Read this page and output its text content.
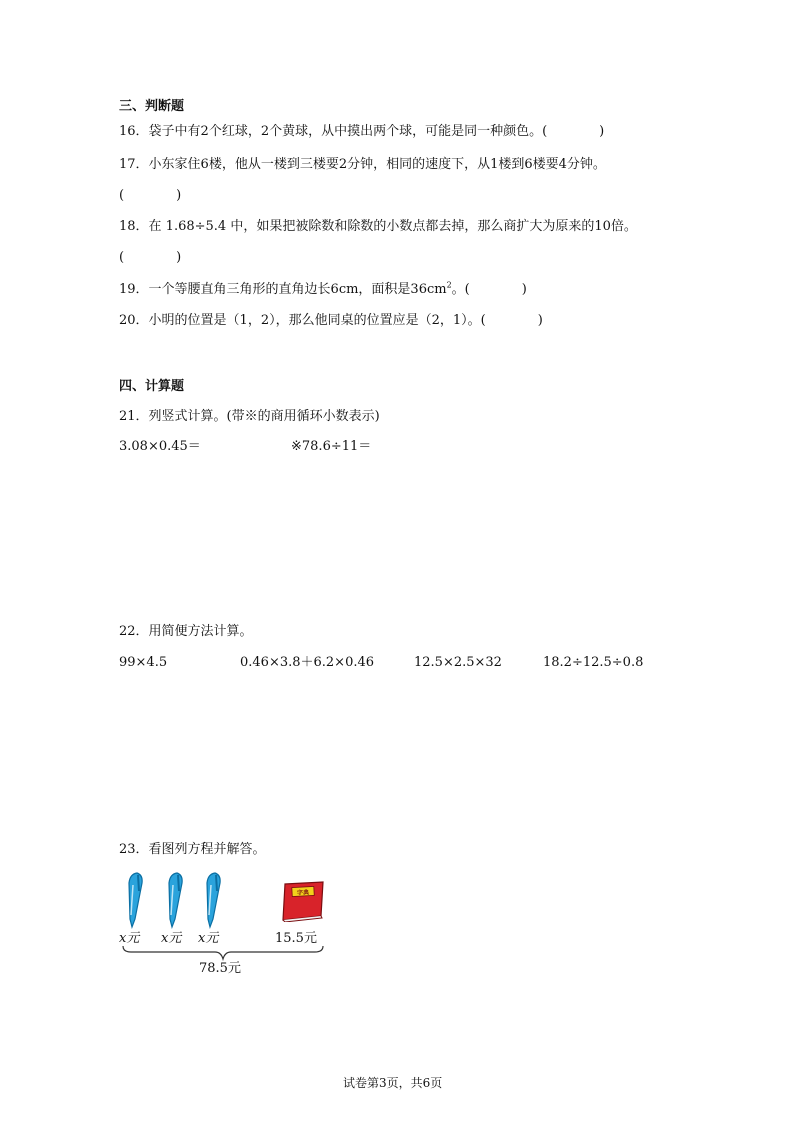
三、判断题
16．袋子中有2个红球，2个黄球，从中摸出两个球，可能是同一种颜色。(	)
17．小东家住6楼，他从一楼到三楼要2分钟，相同的速度下，从1楼到6楼要4分钟。
(	)
18．在 1.68÷5.4 中，如果把被除数和除数的小数点都去掉，那么商扩大为原来的10倍。
(	)
19．一个等腰直角三角形的直角边长6cm，面积是$36cm^2$。(	)
20．小明的位置是（1，2），那么他同桌的位置应是（2，1）。(	)
四、计算题
21．列竖式计算。(带※的商用循环小数表示)
3.08×0.45＝	※78.6÷11＝
22．用简便方法计算。
99×4.5	0.46×3.8＋6.2×0.46	12.5×2.5×32	18.2÷12.5÷0.8
23．看图列方程并解答。
字典
x元 x元 x元	15.5元
78.5元
试卷第3页，共6页
